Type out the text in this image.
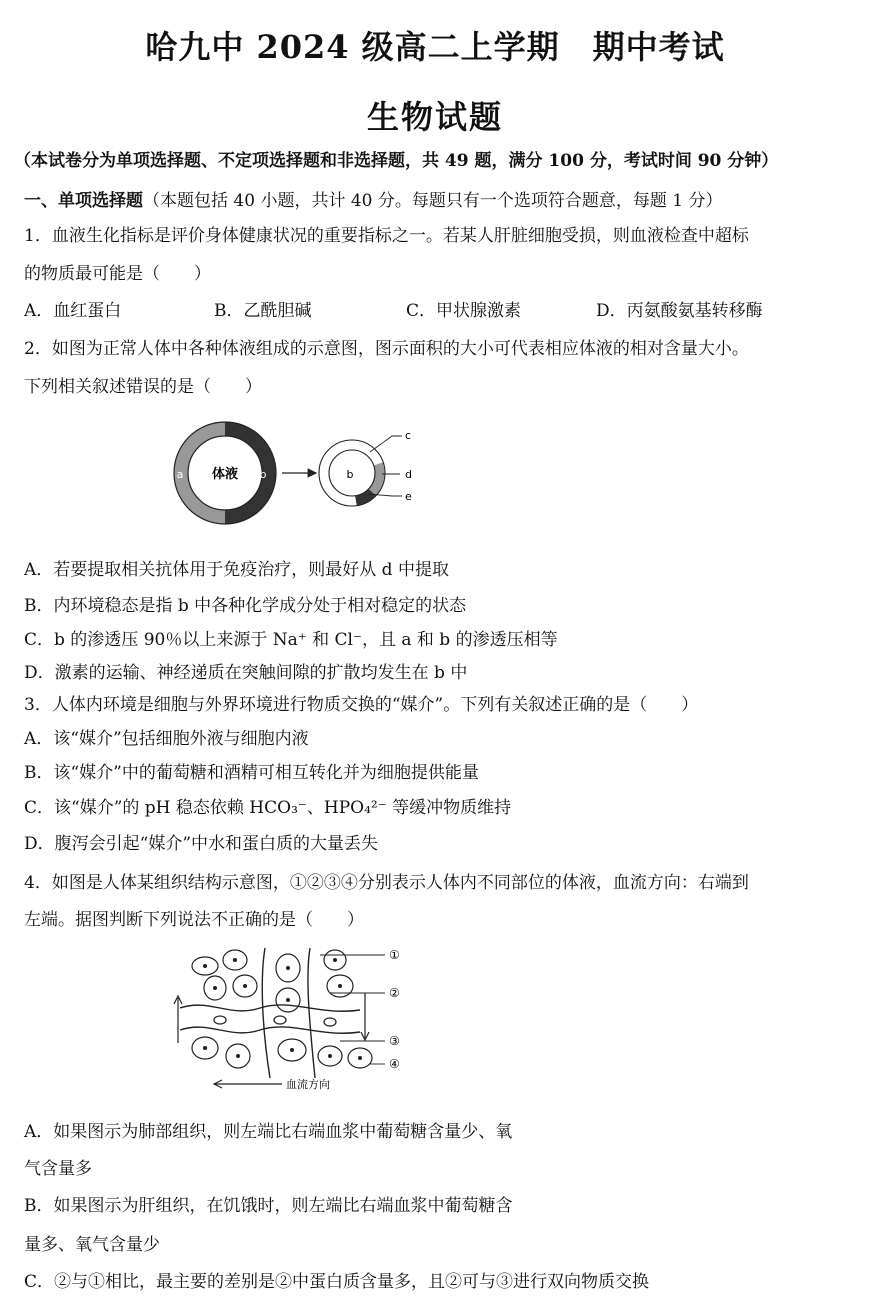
哈九中 2024 级高二上学期　期中考试
生物试题
（本试卷分为单项选择题、不定项选择题和非选择题，共 49 题，满分 100 分，考试时间 90 分钟）
一、单项选择题（本题包括 40 小题，共计 40 分。每题只有一个选项符合题意，每题 1 分）
1．血液生化指标是评价身体健康状况的重要指标之一。若某人肝脏细胞受损，则血液检查中超标
的物质最可能是（　　）
A．血红蛋白	B．乙酰胆碱	C．甲状腺激素	D．丙氨酸氨基转移酶
2．如图为正常人体中各种体液组成的示意图，图示面积的大小可代表相应体液的相对含量大小。
下列相关叙述错误的是（　　）
体液
a	b	b
c
d
e
A．若要提取相关抗体用于免疫治疗，则最好从 d 中提取
B．内环境稳态是指 b 中各种化学成分处于相对稳定的状态
C．b 的渗透压 90％以上来源于 Na⁺ 和 Cl⁻，且 a 和 b 的渗透压相等
D．激素的运输、神经递质在突触间隙的扩散均发生在 b 中
3．人体内环境是细胞与外界环境进行物质交换的“媒介”。下列有关叙述正确的是（　　）
A．该“媒介”包括细胞外液与细胞内液
B．该“媒介”中的葡萄糖和酒精可相互转化并为细胞提供能量
C．该“媒介”的 pH 稳态依赖 HCO₃⁻、HPO₄²⁻ 等缓冲物质维持
D．腹泻会引起“媒介”中水和蛋白质的大量丢失
4．如图是人体某组织结构示意图，①②③④分别表示人体内不同部位的体液，血流方向：右端到
左端。据图判断下列说法不正确的是（　　）
①
②
③
④
血流方向
A．如果图示为肺部组织，则左端比右端血浆中葡萄糖含量少、氧
气含量多
B．如果图示为肝组织，在饥饿时，则左端比右端血浆中葡萄糖含
量多、氧气含量少
C．②与①相比，最主要的差别是②中蛋白质含量多，且②可与③进行双向物质交换
